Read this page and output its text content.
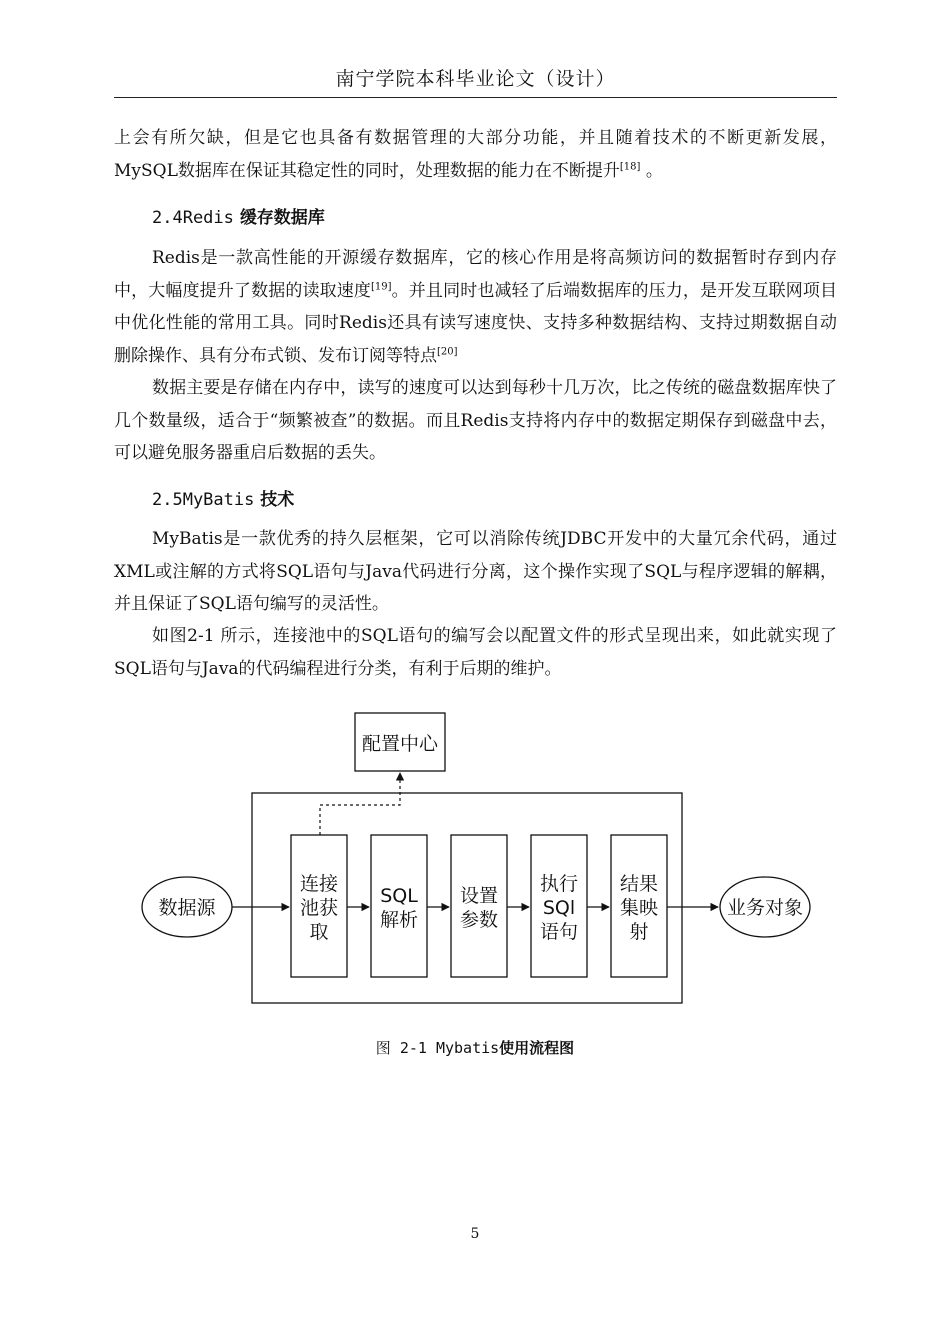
南宁学院本科毕业论文（设计）

上会有所欠缺，但是它也具备有数据管理的大部分功能，并且随着技术的不断更新发展，MySQL数据库在保证其稳定性的同时，处理数据的能力在不断提升[18] 。

2.4Redis 缓存数据库

Redis是一款高性能的开源缓存数据库，它的核心作用是将高频访问的数据暂时存到内存中，大幅度提升了数据的读取速度[19]。并且同时也减轻了后端数据库的压力，是开发互联网项目中优化性能的常用工具。同时Redis还具有读写速度快、支持多种数据结构、支持过期数据自动删除操作、具有分布式锁、发布订阅等特点[20]

数据主要是存储在内存中，读写的速度可以达到每秒十几万次，比之传统的磁盘数据库快了几个数量级，适合于“频繁被查”的数据。而且Redis支持将内存中的数据定期保存到磁盘中去，可以避免服务器重启后数据的丢失。

2.5MyBatis 技术

MyBatis是一款优秀的持久层框架，它可以消除传统JDBC开发中的大量冗余代码，通过XML或注解的方式将SQL语句与Java代码进行分离，这个操作实现了SQL与程序逻辑的解耦，并且保证了SQL语句编写的灵活性。

如图2-1 所示，连接池中的SQL语句的编写会以配置文件的形式呈现出来，如此就实现了SQL语句与Java的代码编程进行分类，有利于后期的维护。

配置中心
数据源	业务对象
连接
池获
取
SQL
解析
设置
参数
执行
SQl
语句
结果
集映
射
图 2-1 Mybatis使用流程图
5
